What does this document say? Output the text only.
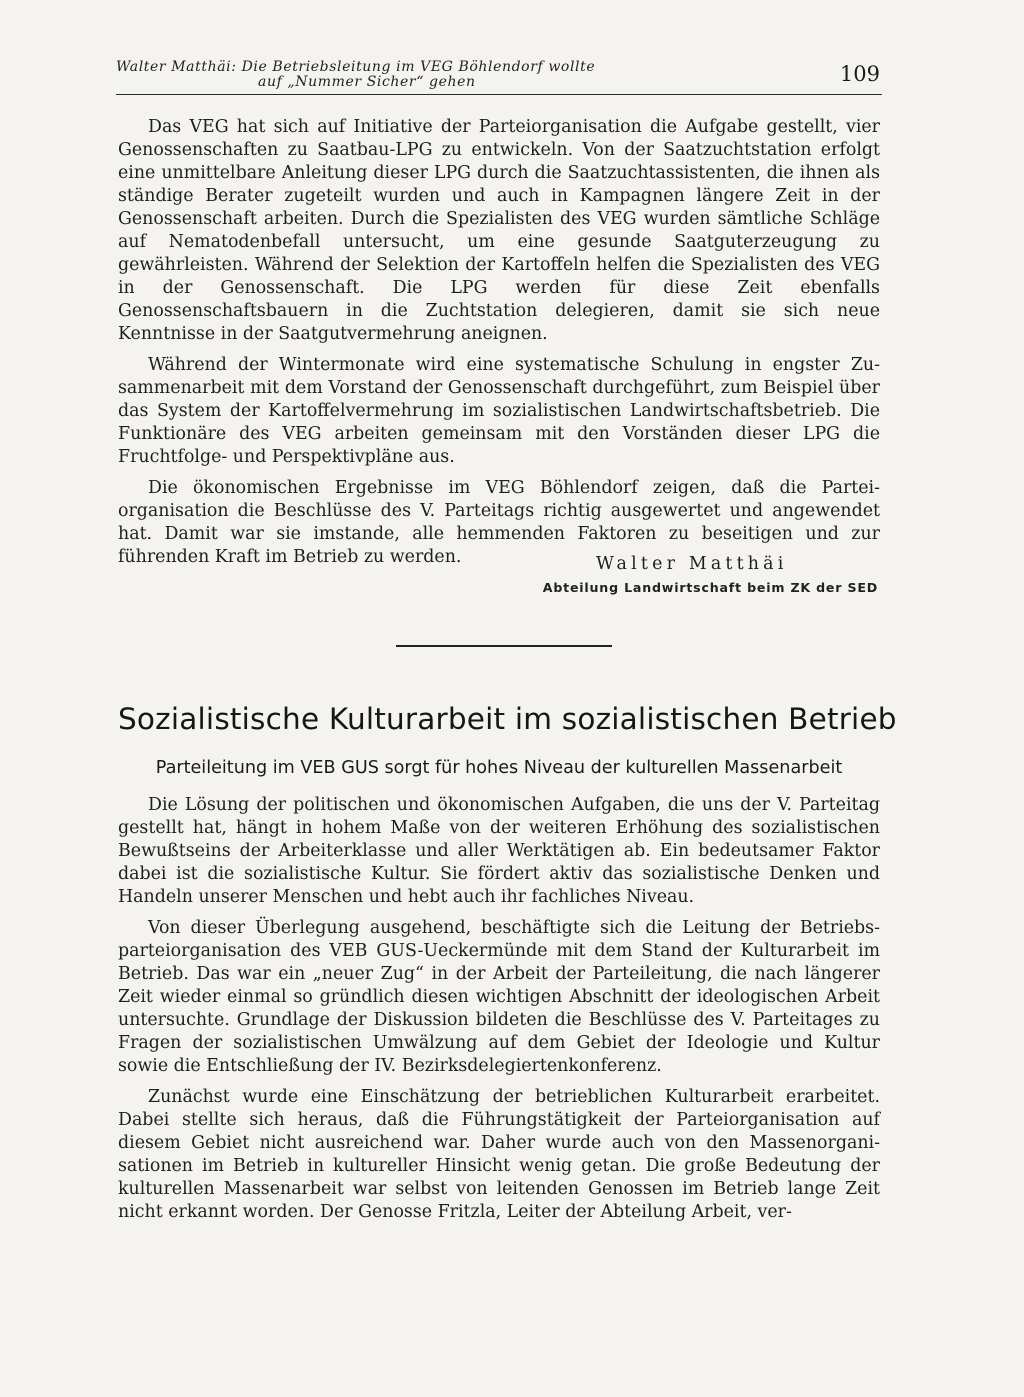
Walter Matthäi: Die Betriebsleitung im VEG Böhlendorf wollte
auf „Nummer Sicher“ gehen	109

Das VEG hat sich auf Initiative der Parteiorganisation die Aufgabe gestellt, vier Genossenschaften zu Saatbau-LPG zu entwickeln. Von der Saatzuchtstation erfolgt eine unmittelbare Anleitung dieser LPG durch die Saatzuchtassistenten, die ihnen als ständige Berater zugeteilt wurden und auch in Kampagnen längere Zeit in der Genossenschaft arbeiten. Durch die Spezialisten des VEG wurden sämtliche Schläge auf Nematodenbefall untersucht, um eine gesunde Saatguterzeugung zu gewährleisten. Während der Selektion der Kartoffeln helfen die Spezialisten des VEG in der Genossenschaft. Die LPG werden für diese Zeit ebenfalls Genossenschaftsbauern in die Zuchtstation delegieren, damit sie sich neue Kenntnisse in der Saatgutvermehrung aneignen.

Während der Wintermonate wird eine systematische Schulung in engster Zusammenarbeit mit dem Vorstand der Genossenschaft durchgeführt, zum Beispiel über das System der Kartoffelvermehrung im sozialistischen Landwirtschaftsbetrieb. Die Funktionäre des VEG arbeiten gemeinsam mit den Vorständen dieser LPG die Fruchtfolge- und Perspektivpläne aus.

Die ökonomischen Ergebnisse im VEG Böhlendorf zeigen, daß die Parteiorganisation die Beschlüsse des V. Parteitags richtig ausgewertet und angewendet hat. Damit war sie imstande, alle hemmenden Faktoren zu beseitigen und zur führenden Kraft im Betrieb zu werden.	Walter Matthäi
Abteilung Landwirtschaft beim ZK der SED
Sozialistische Kulturarbeit im sozialistischen Betrieb
Parteileitung im VEB GUS sorgt für hohes Niveau der kulturellen Massenarbeit

Die Lösung der politischen und ökonomischen Aufgaben, die uns der V. Parteitag gestellt hat, hängt in hohem Maße von der weiteren Erhöhung des sozialistischen Bewußtseins der Arbeiterklasse und aller Werktätigen ab. Ein bedeutsamer Faktor dabei ist die sozialistische Kultur. Sie fördert aktiv das sozialistische Denken und Handeln unserer Menschen und hebt auch ihr fachliches Niveau.

Von dieser Überlegung ausgehend, beschäftigte sich die Leitung der Betriebsparteiorganisation des VEB GUS-Ueckermünde mit dem Stand der Kulturarbeit im Betrieb. Das war ein „neuer Zug“ in der Arbeit der Parteileitung, die nach längerer Zeit wieder einmal so gründlich diesen wichtigen Abschnitt der ideologischen Arbeit untersuchte. Grundlage der Diskussion bildeten die Beschlüsse des V. Parteitages zu Fragen der sozialistischen Umwälzung auf dem Gebiet der Ideologie und Kultur sowie die Entschließung der IV. Bezirksdelegiertenkonferenz.

Zunächst wurde eine Einschätzung der betrieblichen Kulturarbeit erarbeitet. Dabei stellte sich heraus, daß die Führungstätigkeit der Parteiorganisation auf diesem Gebiet nicht ausreichend war. Daher wurde auch von den Massenorganisationen im Betrieb in kultureller Hinsicht wenig getan. Die große Bedeutung der kulturellen Massenarbeit war selbst von leitenden Genossen im Betrieb lange Zeit nicht erkannt worden. Der Genosse Fritzla, Leiter der Abteilung Arbeit, ver-
